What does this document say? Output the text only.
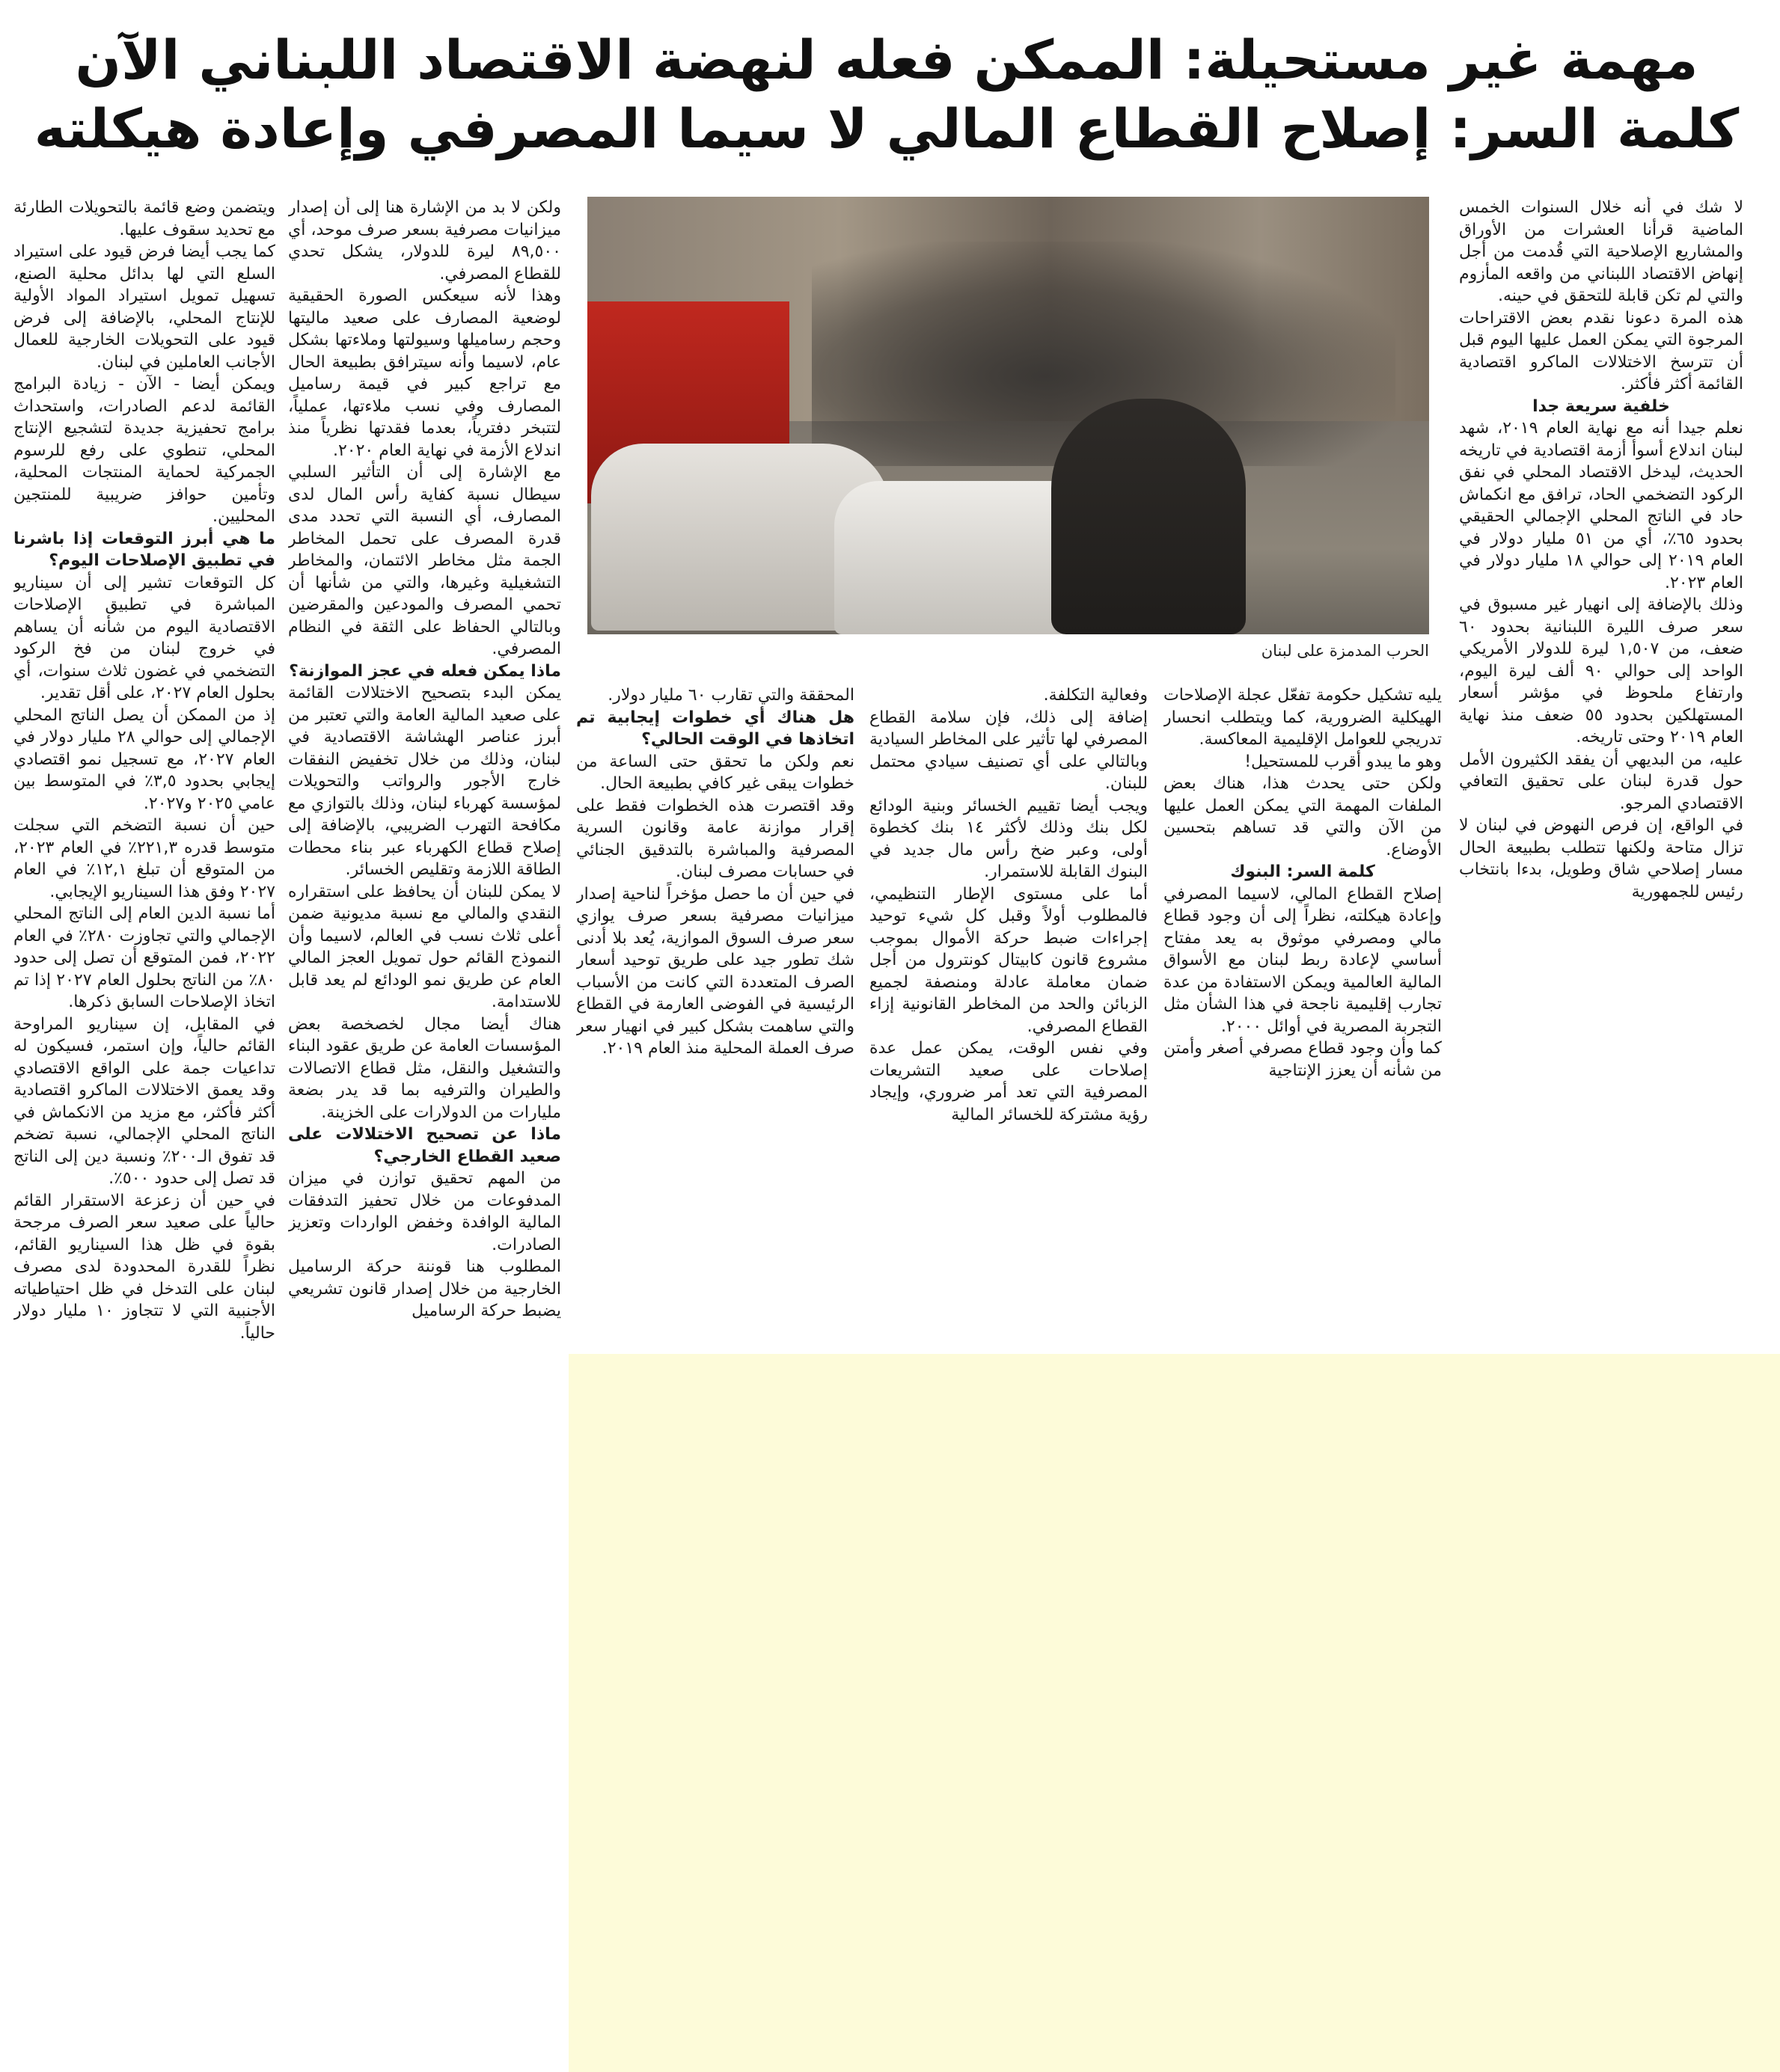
مهمة غير مستحيلة: الممكن فعله لنهضة الاقتصاد اللبناني الآن
كلمة السر: إصلاح القطاع المالي لا سيما المصرفي وإعادة هيكلته

لا شك في أنه خلال السنوات الخمس الماضية قرأنا العشرات من الأوراق والمشاريع الإصلاحية التي قُدمت من أجل إنهاض الاقتصاد اللبناني من واقعه المأزوم والتي لم تكن قابلة للتحقق في حينه.

هذه المرة دعونا نقدم بعض الاقتراحات المرجوة التي يمكن العمل عليها اليوم قبل أن تترسخ الاختلالات الماكرو اقتصادية القائمة أكثر فأكثر.

خلفية سريعة جدا

نعلم جيدا أنه مع نهاية العام ٢٠١٩، شهد لبنان اندلاع أسوأ أزمة اقتصادية في تاريخه الحديث، ليدخل الاقتصاد المحلي في نفق الركود التضخمي الحاد، ترافق مع انكماش حاد في الناتج المحلي الإجمالي الحقيقي بحدود ٦٥٪، أي من ٥١ مليار دولار في العام ٢٠١٩ إلى حوالي ١٨ مليار دولار في العام ٢٠٢٣.

وذلك بالإضافة إلى انهيار غير مسبوق في سعر صرف الليرة اللبنانية بحدود ٦٠ ضعف، من ١,٥٠٧ ليرة للدولار الأمريكي الواحد إلى حوالي ٩٠ ألف ليرة اليوم، وارتفاع ملحوظ في مؤشر أسعار المستهلكين بحدود ٥٥ ضعف منذ نهاية العام ٢٠١٩ وحتى تاريخه.

عليه، من البديهي أن يفقد الكثيرون الأمل حول قدرة لبنان على تحقيق التعافي الاقتصادي المرجو.

في الواقع، إن فرص النهوض في لبنان لا تزال متاحة ولكنها تتطلب بطبيعة الحال مسار إصلاحي شاق وطويل، بدءا بانتخاب رئيس للجمهورية

الحرب المدمزة على لبنان

يليه تشكيل حكومة تفعّل عجلة الإصلاحات الهيكلية الضرورية، كما ويتطلب انحسار تدريجي للعوامل الإقليمية المعاكسة.

وهو ما يبدو أقرب للمستحيل!

ولكن حتى يحدث هذا، هناك بعض الملفات المهمة التي يمكن العمل عليها من الآن والتي قد تساهم بتحسين الأوضاع.

كلمة السر: البنوك

إصلاح القطاع المالي، لاسيما المصرفي وإعادة هيكلته، نظراً إلى أن وجود قطاع مالي ومصرفي موثوق به يعد مفتاح أساسي لإعادة ربط لبنان مع الأسواق المالية العالمية ويمكن الاستفادة من عدة تجارب إقليمية ناجحة في هذا الشأن مثل التجربة المصرية في أوائل ٢٠٠٠.

كما وأن وجود قطاع مصرفي أصغر وأمتن من شأنه أن يعزز الإنتاجية

وفعالية التكلفة.

إضافة إلى ذلك، فإن سلامة القطاع المصرفي لها تأثير على المخاطر السيادية وبالتالي على أي تصنيف سيادي محتمل للبنان.

ويجب أيضا تقييم الخسائر وبنية الودائع لكل بنك وذلك لأكثر ١٤ بنك كخطوة أولى، وعبر ضخ رأس مال جديد في البنوك القابلة للاستمرار.

أما على مستوى الإطار التنظيمي، فالمطلوب أولاً وقبل كل شيء توحيد إجراءات ضبط حركة الأموال بموجب مشروع قانون كابيتال كونترول من أجل ضمان معاملة عادلة ومنصفة لجميع الزبائن والحد من المخاطر القانونية إزاء القطاع المصرفي.

وفي نفس الوقت، يمكن عمل عدة إصلاحات على صعيد التشريعات المصرفية التي تعد أمر ضروري، وإيجاد رؤية مشتركة للخسائر المالية

المحققة والتي تقارب ٦٠ مليار دولار.

هل هناك أي خطوات إيجابية تم اتخاذها في الوقت الحالي؟

نعم ولكن ما تحقق حتى الساعة من خطوات يبقى غير كافي بطبيعة الحال.

وقد اقتصرت هذه الخطوات فقط على إقرار موازنة عامة وقانون السرية المصرفية والمباشرة بالتدقيق الجنائي في حسابات مصرف لبنان.

في حين أن ما حصل مؤخراً لناحية إصدار ميزانيات مصرفية بسعر صرف يوازي سعر صرف السوق الموازية، يُعد بلا أدنى شك تطور جيد على طريق توحيد أسعار الصرف المتعددة التي كانت من الأسباب الرئيسية في الفوضى العارمة في القطاع والتي ساهمت بشكل كبير في انهيار سعر صرف العملة المحلية منذ العام ٢٠١٩.

ولكن لا بد من الإشارة هنا إلى أن إصدار ميزانيات مصرفية بسعر صرف موحد، أي ٨٩,٥٠٠ ليرة للدولار، يشكل تحدي للقطاع المصرفي.

وهذا لأنه سيعكس الصورة الحقيقية لوضعية المصارف على صعيد ماليتها وحجم رساميلها وسيولتها وملاءتها بشكل عام، لاسيما وأنه سيترافق بطبيعة الحال مع تراجع كبير في قيمة رساميل المصارف وفي نسب ملاءتها، عملياً، لتتبخر دفترياً، بعدما فقدتها نظرياً منذ اندلاع الأزمة في نهاية العام ٢٠٢٠.

مع الإشارة إلى أن التأثير السلبي سيطال نسبة كفاية رأس المال لدى المصارف، أي النسبة التي تحدد مدى قدرة المصرف على تحمل المخاطر الجمة مثل مخاطر الائتمان، والمخاطر التشغيلية وغيرها، والتي من شأنها أن تحمي المصرف والمودعين والمقرضين وبالتالي الحفاظ على الثقة في النظام المصرفي.

ماذا يمكن فعله في عجز الموازنة؟

يمكن البدء بتصحيح الاختلالات القائمة على صعيد المالية العامة والتي تعتبر من أبرز عناصر الهشاشة الاقتصادية في لبنان، وذلك من خلال تخفيض النفقات خارج الأجور والرواتب والتحويلات لمؤسسة كهرباء لبنان، وذلك بالتوازي مع مكافحة التهرب الضريبي، بالإضافة إلى إصلاح قطاع الكهرباء عبر بناء محطات الطاقة اللازمة وتقليص الخسائر.

لا يمكن للبنان أن يحافظ على استقراره النقدي والمالي مع نسبة مديونية ضمن أعلى ثلاث نسب في العالم، لاسيما وأن النموذج القائم حول تمويل العجز المالي العام عن طريق نمو الودائع لم يعد قابل للاستدامة.

هناك أيضا مجال لخصخصة بعض المؤسسات العامة عن طريق عقود البناء والتشغيل والنقل، مثل قطاع الاتصالات والطيران والترفيه بما قد يدر بضعة مليارات من الدولارات على الخزينة.

ماذا عن تصحيح الاختلالات على صعيد القطاع الخارجي؟

من المهم تحقيق توازن في ميزان المدفوعات من خلال تحفيز التدفقات المالية الوافدة وخفض الواردات وتعزيز الصادرات.

المطلوب هنا قوننة حركة الرساميل الخارجية من خلال إصدار قانون تشريعي يضبط حركة الرساميل

ويتضمن وضع قائمة بالتحويلات الطارئة مع تحديد سقوف عليها.

كما يجب أيضا فرض قيود على استيراد السلع التي لها بدائل محلية الصنع، تسهيل تمويل استيراد المواد الأولية للإنتاج المحلي، بالإضافة إلى فرض قيود على التحويلات الخارجية للعمال الأجانب العاملين في لبنان.

ويمكن أيضا - الآن - زيادة البرامج القائمة لدعم الصادرات، واستحداث برامج تحفيزية جديدة لتشجيع الإنتاج المحلي، تنطوي على رفع للرسوم الجمركية لحماية المنتجات المحلية، وتأمين حوافز ضريبية للمنتجين المحليين.

ما هي أبرز التوقعات إذا باشرنا في تطبيق الإصلاحات اليوم؟

كل التوقعات تشير إلى أن سيناريو المباشرة في تطبيق الإصلاحات الاقتصادية اليوم من شأنه أن يساهم في خروج لبنان من فخ الركود التضخمي في غضون ثلاث سنوات، أي بحلول العام ٢٠٢٧، على أقل تقدير.

إذ من الممكن أن يصل الناتج المحلي الإجمالي إلى حوالي ٢٨ مليار دولار في العام ٢٠٢٧، مع تسجيل نمو اقتصادي إيجابي بحدود ٣,٥٪ في المتوسط بين عامي ٢٠٢٥ و٢٠٢٧.

حين أن نسبة التضخم التي سجلت متوسط قدره ٢٢١,٣٪ في العام ٢٠٢٣، من المتوقع أن تبلغ ١٢,١٪ في العام ٢٠٢٧ وفق هذا السيناريو الإيجابي.

أما نسبة الدين العام إلى الناتج المحلي الإجمالي والتي تجاوزت ٢٨٠٪ في العام ٢٠٢٢، فمن المتوقع أن تصل إلى حدود ٨٠٪ من الناتج بحلول العام ٢٠٢٧ إذا تم اتخاذ الإصلاحات السابق ذكرها.

في المقابل، إن سيناريو المراوحة القائم حالياً، وإن استمر، فسيكون له تداعيات جمة على الواقع الاقتصادي وقد يعمق الاختلالات الماكرو اقتصادية أكثر فأكثر، مع مزيد من الانكماش في الناتج المحلي الإجمالي، نسبة تضخم قد تفوق الـ٢٠٠٪ ونسبة دين إلى الناتج قد تصل إلى حدود ٥٠٠٪.

في حين أن زعزعة الاستقرار القائم حالياً على صعيد سعر الصرف مرجحة بقوة في ظل هذا السيناريو القائم، نظراً للقدرة المحدودة لدى مصرف لبنان على التدخل في ظل احتياطياته الأجنبية التي لا تتجاوز ١٠ مليار دولار حالياً.
